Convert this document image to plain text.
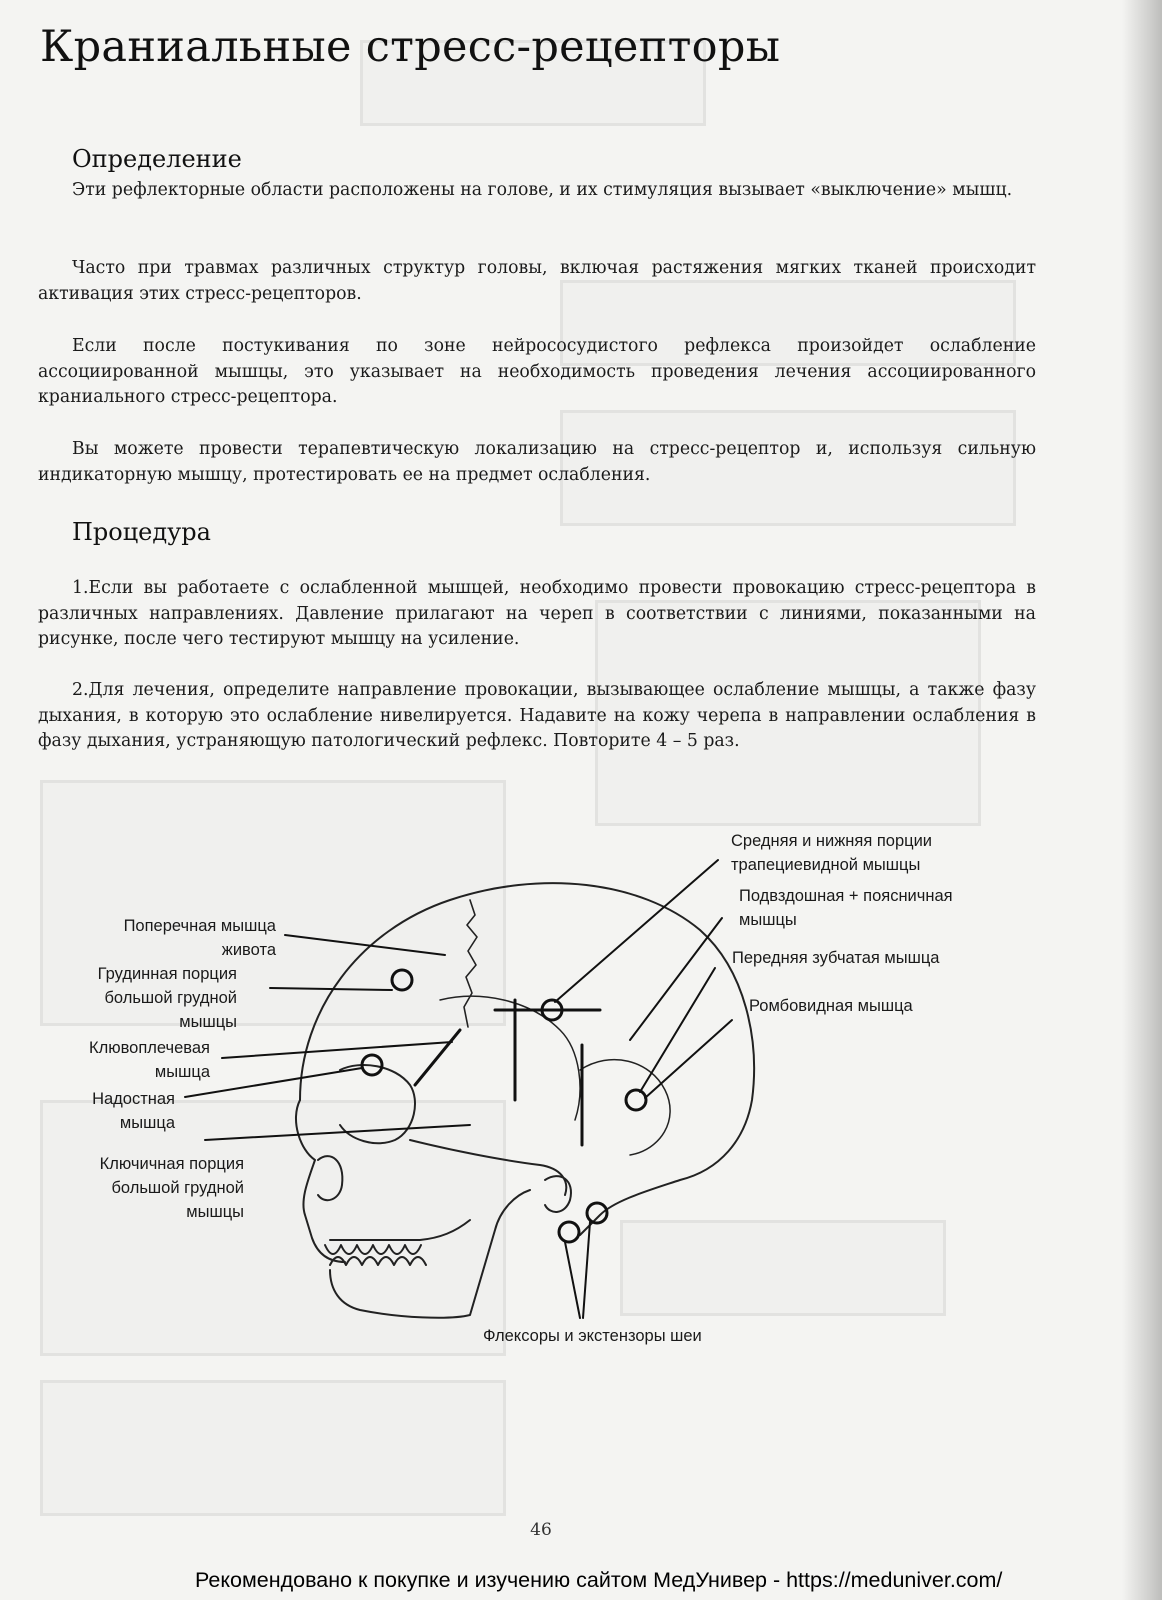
Краниальные стресс-рецепторы
Определение

Эти рефлекторные области расположены на голове, и их стимуляция вызывает «выключение» мышц.

Часто при травмах различных структур головы, включая растяжения мягких тканей происходит активация этих стресс-рецепторов.

Если после постукивания по зоне нейрососудистого рефлекса произойдет ослабление ассоциированной мышцы, это указывает на необходимость проведения лечения ассоциированного краниального стресс-рецептора.

Вы можете провести терапевтическую локализацию на стресс-рецептор и, используя сильную индикаторную мышцу, протестировать ее на предмет ослабления.

Процедура

1.Если вы работаете с ослабленной мышцей, необходимо провести провокацию стресс-рецептора в различных направлениях. Давление прилагают на череп в соответствии с линиями, показанными на рисунке, после чего тестируют мышцу на усиление.

2.Для лечения, определите направление провокации, вызывающее ослабление мышцы, а также фазу дыхания, в которую это ослабление нивелируется. Надавите на кожу черепа в направлении ослабления в фазу дыхания, устраняющую патологический рефлекс. Повторите 4 – 5 раз.

Поперечная мышца
живота
Грудинная порция
большой грудной
мышцы
Клювоплечевая
мышца
Надостная
мышца
Ключичная порция
большой грудной
мышцы
Средняя и нижняя порции
трапециевидной мышцы
Подвздошная + поясничная
мышцы
Передняя зубчатая мышца
Ромбовидная мышца
Флексоры и экстензоры шеи
46
Рекомендовано к покупке и изучению сайтом МедУнивер - https://meduniver.com/
